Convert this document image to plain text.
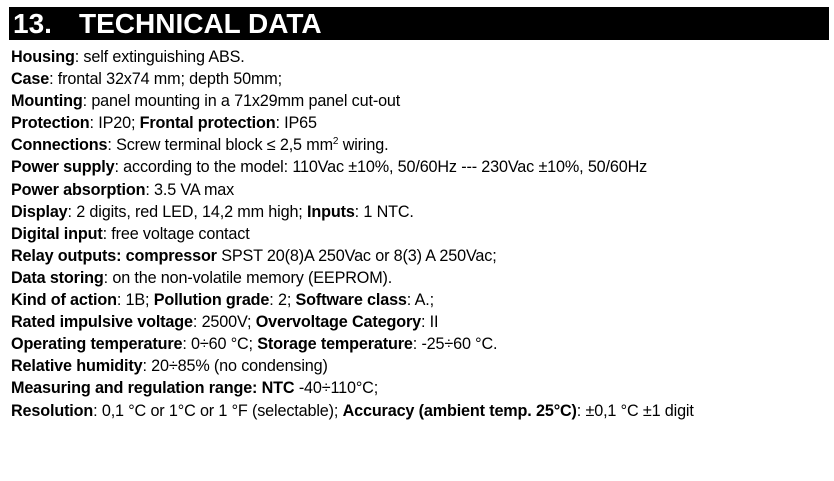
13. TECHNICAL DATA
Housing: self extinguishing ABS.
Case: frontal 32x74 mm; depth 50mm;
Mounting: panel mounting in a 71x29mm panel cut-out
Protection: IP20; Frontal protection: IP65
Connections: Screw terminal block ≤ 2,5 $mm^2$ wiring.
Power supply: according to the model: 110Vac ±10%, 50/60Hz --- 230Vac ±10%, 50/60Hz
Power absorption: 3.5 VA max
Display: 2 digits, red LED, 14,2 mm high; Inputs: 1 NTC.
Digital input: free voltage contact
Relay outputs: compressor SPST 20(8)A 250Vac or 8(3) A 250Vac;
Data storing: on the non-volatile memory (EEPROM).
Kind of action: 1B; Pollution grade: 2; Software class: A.;
Rated impulsive voltage: 2500V; Overvoltage Category: II
Operating temperature: 0÷60 °C; Storage temperature: -25÷60 °C.
Relative humidity: 20÷85% (no condensing)
Measuring and regulation range: NTC -40÷110°C;
Resolution: 0,1 °C or 1°C or 1 °F (selectable); Accuracy (ambient temp. 25°C): ±0,1 °C ±1 digit
